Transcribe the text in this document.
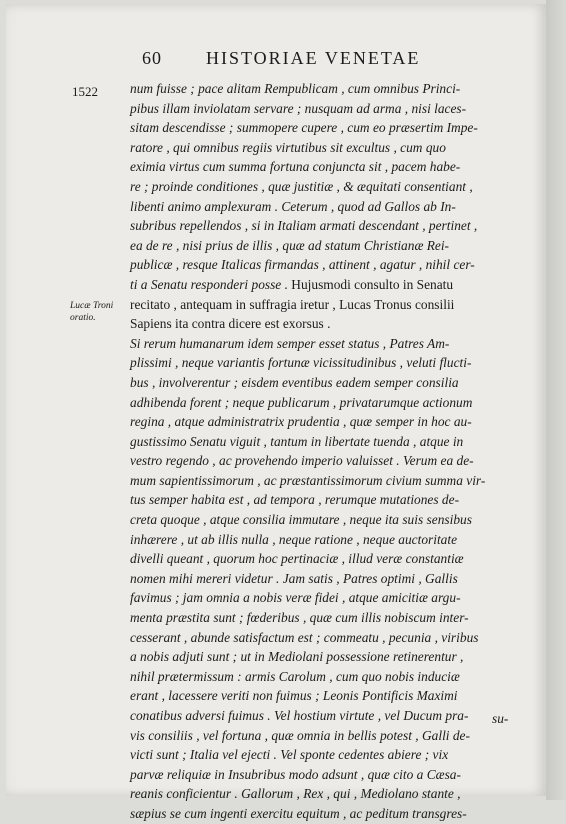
60 HISTORIAE VENETAE
1522
Lucæ Troni
oratio.
num fuisse ; pace alitam Rempublicam , cum omnibus Princi-
pibus illam inviolatam servare ; nusquam ad arma , nisi laces-
sitam descendisse ; summopere cupere , cum eo præsertim Impe-
ratore , qui omnibus regiis virtutibus sit excultus , cum quo
eximia virtus cum summa fortuna conjuncta sit , pacem habe-
re ; proinde conditiones , quæ justitiæ , & æquitati consentiant ,
libenti animo amplexuram . Ceterum , quod ad Gallos ab In-
subribus repellendos , si in Italiam armati descendant , pertinet ,
ea de re , nisi prius de illis , quæ ad statum Christianæ Rei-
publicæ , resque Italicas firmandas , attinent , agatur , nihil cer-
ti a Senatu responderi posse . Hujusmodi consulto in Senatu
recitato , antequam in suffragia iretur , Lucas Tronus consilii
Sapiens ita contra dicere est exorsus .
Si rerum humanarum idem semper esset status , Patres Am-
plissimi , neque variantis fortunæ vicissitudinibus , veluti flucti-
bus , involverentur ; eisdem eventibus eadem semper consilia
adhibenda forent ; neque publicarum , privatarumque actionum
regina , atque administratrix prudentia , quæ semper in hoc au-
gustissimo Senatu viguit , tantum in libertate tuenda , atque in
vestro regendo , ac provehendo imperio valuisset . Verum ea de-
mum sapientissimorum , ac præstantissimorum civium summa vir-
tus semper habita est , ad tempora , rerumque mutationes de-
creta quoque , atque consilia immutare , neque ita suis sensibus
inhærere , ut ab illis nulla , neque ratione , neque auctoritate
divelli queant , quorum hoc pertinaciæ , illud veræ constantiæ
nomen mihi mereri videtur . Jam satis , Patres optimi , Gallis
favimus ; jam omnia a nobis veræ fidei , atque amicitiæ argu-
menta præstita sunt ; fœderibus , quæ cum illis nobiscum inter-
cesserant , abunde satisfactum est ; commeatu , pecunia , viribus
a nobis adjuti sunt ; ut in Mediolani possessione retinerentur ,
nihil prætermissum : armis Carolum , cum quo nobis induciæ
erant , lacessere veriti non fuimus ; Leonis Pontificis Maximi
conatibus adversi fuimus . Vel hostium virtute , vel Ducum pra-
vis consiliis , vel fortuna , quæ omnia in bellis potest , Galli de-
victi sunt ; Italia vel ejecti . Vel sponte cedentes abiere ; vix
parvæ reliquiæ in Insubribus modo adsunt , quæ cito a Cæsa-
reanis conficientur . Gallorum , Rex , qui , Mediolano stante ,
sæpius se cum ingenti exercitu equitum , ac peditum transgres-
su-
